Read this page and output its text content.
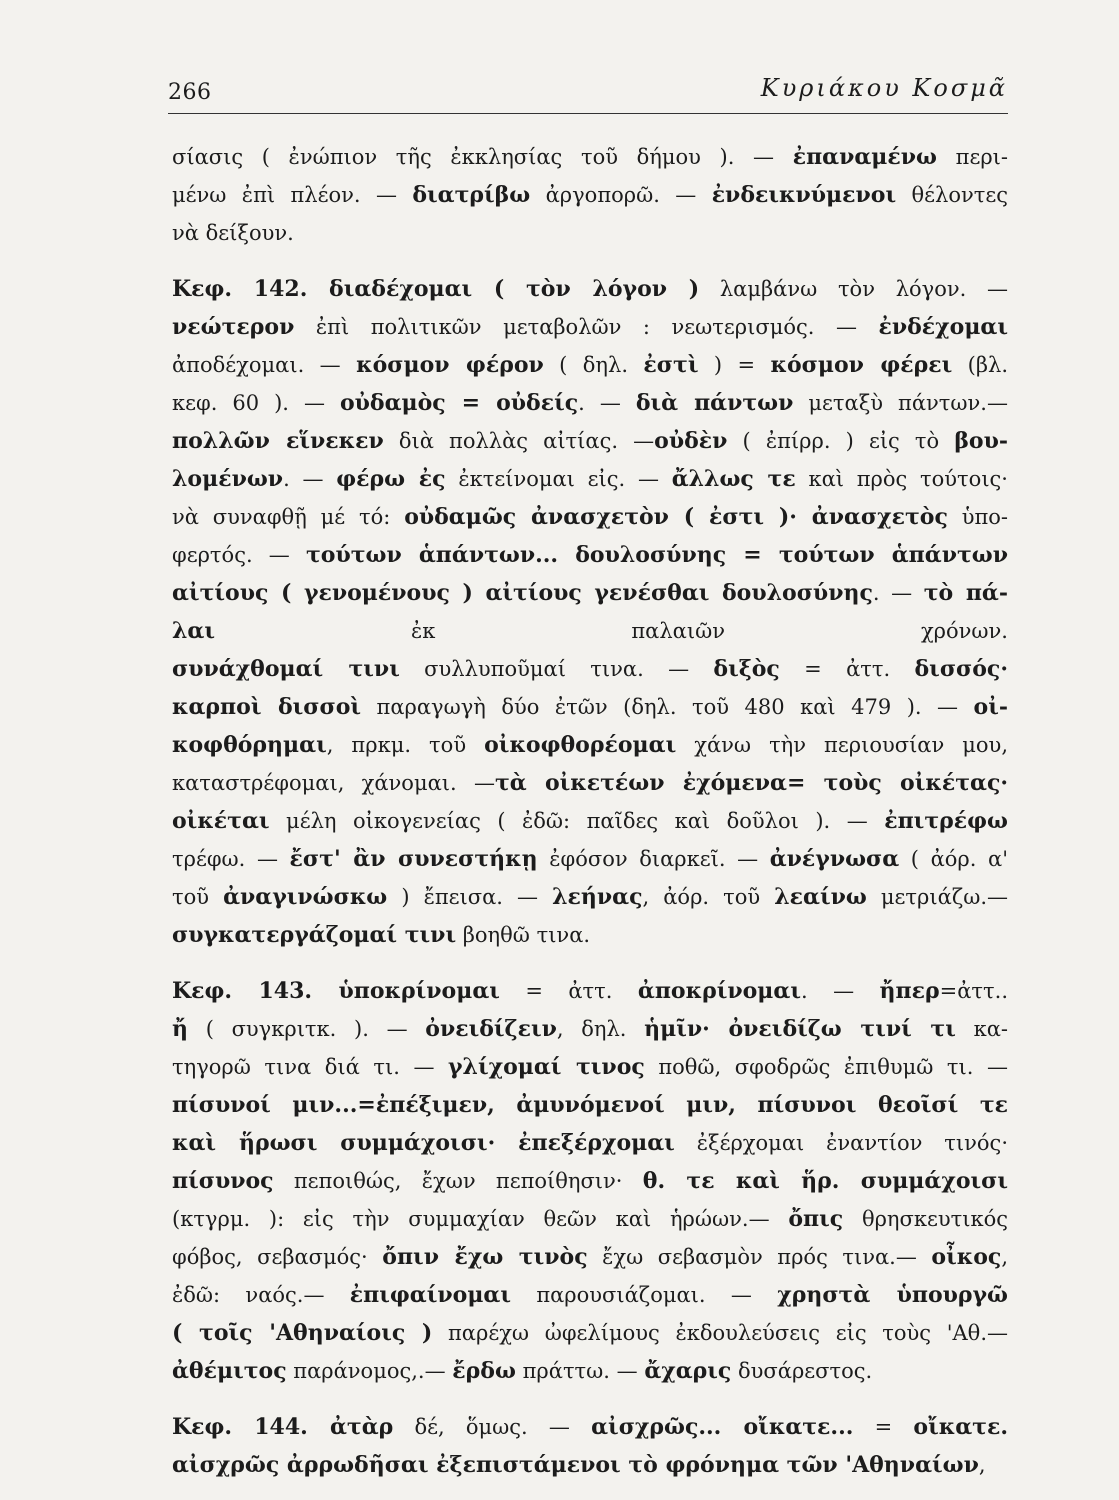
266	Κυριάκου Κοσμᾶ
σίασις ( ἐνώπιον τῆς ἐκκλησίας τοῦ δήμου ). — ἐπαναμένω περι-
μένω ἐπὶ πλέον. — διατρίβω ἀργοπορῶ. — ἐνδεικνύμενοι θέλοντες
νὰ δείξουν.
Κεφ. 142. διαδέχομαι ( τὸν λόγον ) λαμβάνω τὸν λόγον. —
νεώτερον ἐπὶ πολιτικῶν μεταβολῶν : νεωτερισμός. — ἐνδέχομαι
ἀποδέχομαι. — κόσμον φέρον ( δηλ. ἐστὶ ) = κόσμον φέρει (βλ.
κεφ. 60 ). — οὐδαμὸς = οὐδείς. — διὰ πάντων μεταξὺ πάντων.—
πολλῶν εἵνεκεν διὰ πολλὰς αἰτίας. —οὐδὲν ( ἐπίρρ. ) εἰς τὸ βου-
λομένων. — φέρω ἐς ἐκτείνομαι εἰς. — ἄλλως τε καὶ πρὸς τούτοις·
νὰ συναφθῇ μέ τό: οὐδαμῶς ἀνασχετὸν ( ἐστι )· ἀνασχετὸς ὑπο-
φερτός. — τούτων ἁπάντων... δουλοσύνης = τούτων ἁπάντων
αἰτίους ( γενομένους ) αἰτίους γενέσθαι δουλοσύνης. — τὸ πά-
λαι ἐκ παλαιῶν χρόνων.
συνάχθομαί τινι συλλυποῦμαί τινα. — διξὸς = ἀττ. δισσός·
καρποὶ δισσοὶ παραγωγὴ δύο ἐτῶν (δηλ. τοῦ 480 καὶ 479 ). — οἰ-
κοφθόρημαι, πρκμ. τοῦ οἰκοφθορέομαι χάνω τὴν περιουσίαν μου,
καταστρέφομαι, χάνομαι. —τὰ οἰκετέων ἐχόμενα= τοὺς οἰκέτας·
οἰκέται μέλη οἰκογενείας ( ἐδῶ: παῖδες καὶ δοῦλοι ). — ἐπιτρέφω
τρέφω. — ἔστ' ἂν συνεστήκῃ ἐφόσον διαρκεῖ. — ἀνέγνωσα ( ἀόρ. α'
τοῦ ἀναγινώσκω ) ἔπεισα. — λεήνας, ἀόρ. τοῦ λεαίνω μετριάζω.—
συγκατεργάζομαί τινι βοηθῶ τινα.
Κεφ. 143. ὑποκρίνομαι = ἀττ. ἀποκρίνομαι. — ἤπερ=ἀττ..
ἤ ( συγκριτκ. ). — ὀνειδίζειν, δηλ. ἡμῖν· ὀνειδίζω τινί τι κα-
τηγορῶ τινα διά τι. — γλίχομαί τινος ποθῶ, σφοδρῶς ἐπιθυμῶ τι. —
πίσυνοί μιν...=ἐπέξιμεν, ἀμυνόμενοί μιν, πίσυνοι θεοῖσί τε
καὶ ἥρωσι συμμάχοισι· ἐπεξέρχομαι ἐξέρχομαι ἐναντίον τινός·
πίσυνος πεποιθώς, ἔχων πεποίθησιν· θ. τε καὶ ἥρ. συμμάχοισι
(κτγρμ. ): εἰς τὴν συμμαχίαν θεῶν καὶ ἡρώων.— ὄπις θρησκευτικός
φόβος, σεβασμός· ὄπιν ἔχω τινὸς ἔχω σεβασμὸν πρός τινα.— οἶκος,
ἐδῶ: ναός.— ἐπιφαίνομαι παρουσιάζομαι. — χρηστὰ ὑπουργῶ
( τοῖς 'Αθηναίοις ) παρέχω ὠφελίμους ἐκδουλεύσεις εἰς τοὺς 'Αθ.—
ἀθέμιτος παράνομος,.— ἔρδω πράττω. — ἄχαρις δυσάρεστος.
Κεφ. 144. ἀτὰρ δέ, ὅμως. — αἰσχρῶς... οἴκατε... = οἴκατε.
αἰσχρῶς ἀρρωδῆσαι ἐξεπιστάμενοι τὸ φρόνημα τῶν 'Αθηναίων,
